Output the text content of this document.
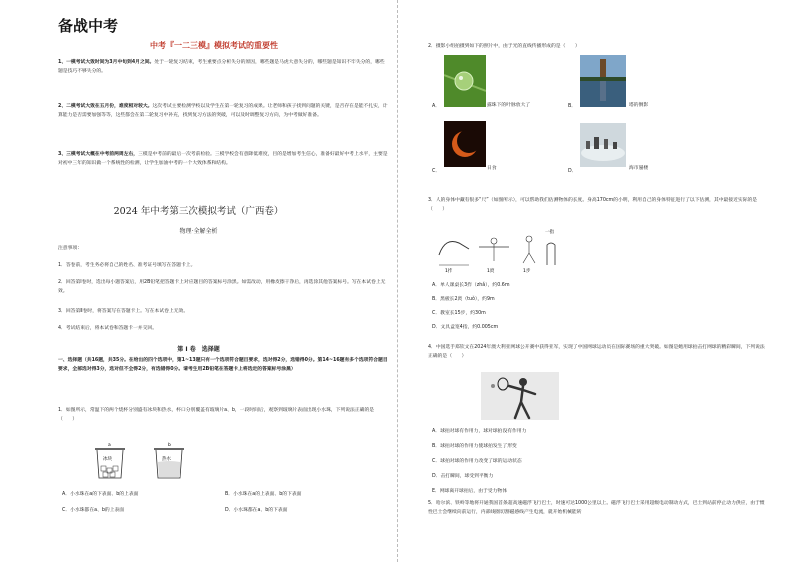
备战中考
中考『一二三模』模拟考试的重要性
1、一模考试大致时间为3月中旬到4月之间。处于一轮复习结束，考生重要点分析失分的原因，哪些题是马虎大意失分的，哪些题是知识不牢失分的，哪些题是技巧不够失分的。
2、二模考试大致在五月份，难度相对较大。这次考试主要检测学校以及学生在第一轮复习的成果。让老师和孩子找到问题的关键，是否存在是能不扎实，计算能力是否需要加强等等，这些都会在第二轮复习中补充，找到复习方法的突破，可以及时调整复习方向，为中考做好准备。
3、三模考试大概在中考前两周左右，三模是中考前的最后一次考前检验。三模学校会有意降低难度，目的是增加考生信心，准备好最好中考上水平，主要是对初中三年的知识做一个系统性的检测，让学生加油中考的一个大致体系和结构。
2024 年中考第三次模拟考试（广西卷）
物理·全解全析
注意事项：
1．答卷前，考生务必将自己的姓名、准考证号填写在答题卡上。
2．回答第Ⅰ卷时，选出每小题答案后，用2B铅笔把答题卡上对应题目的答案标号涂黑。如需改动，用橡皮擦干净后，再选涂其他答案标号。写在本试卷上无效。
3．回答第Ⅱ卷时，将答案写在答题卡上。写在本试卷上无效。
4．考试结束后，将本试卷和答题卡一并交回。
第 I 卷　选择题
一、选择题（共16题，共35分。在给出的四个选项中，第1~13题只有一个选项符合题目要求，选对得2分，选错得0分。第14~16题有多个选项符合题目要求，全部选对得3分，选对但不全得2分，有选错得0分。请考生用2B铅笔在答题卡上将选定的答案标号涂黑）
1．如图所示，常温下的两个烧杯分别盛有冰块和热水，杯口分别覆盖有玻璃片a、b，一段时间后，观察到玻璃片表面出现小水珠，下列说法正确的是（　　）
a	b
冰块	热水
A．小水珠在a的下表面、b的上表面	B．小水珠在a的上表面、b的下表面
C．小水珠都在a、b的上表面	D．小水珠都在a、b的下表面
2．摄影小组拍摄到如下的照片中，由于光的直线传播形成的是（　　）
A．	露珠下的叶脉放大了	B．	塔的倒影
C．
日食
D．
海市蜃楼
3．人的身体中藏有很多“尺”（如图所示），可以帮助我们估测物体的长度。身高170cm的小明，利用自己的身体特征进行了以下估测，其中最接近实际的是（　　）
1拃	1庹	1步
一指
A．单人课桌长3拃（zhǎ），约0.6m
B．黑板长2庹（tuǒ），约9m
C．教室长15步，约30m
D．文具盒宽4指，约0.005cm
4．中国选手郑钦文在2024年澳大利亚网球公开赛中获得亚军，实现了中国网球运动员在国际赛场的重大突破。如图是她用球拍击打网球的精彩瞬间，下列说法正确的是（　　）
A．球拍对球有作用力，球对球拍没有作用力
B．球拍对球的作用力使球拍发生了形变
C．球拍对球的作用力改变了球的运动状态
D．击打瞬间，球受到平衡力
E．网球离开球拍后，由于受力物体
5．哈尔滨、铁岭等地将开通我国首条超高速磁浮飞行巴士，时速可达1000公里以上。磁浮飞行巴士采用超级电动制动方式，巴士到站前停止动力供应，由于惯性巴士会继续向前运行，内部线圈切割磁感线产生电流，就开始机械能转
